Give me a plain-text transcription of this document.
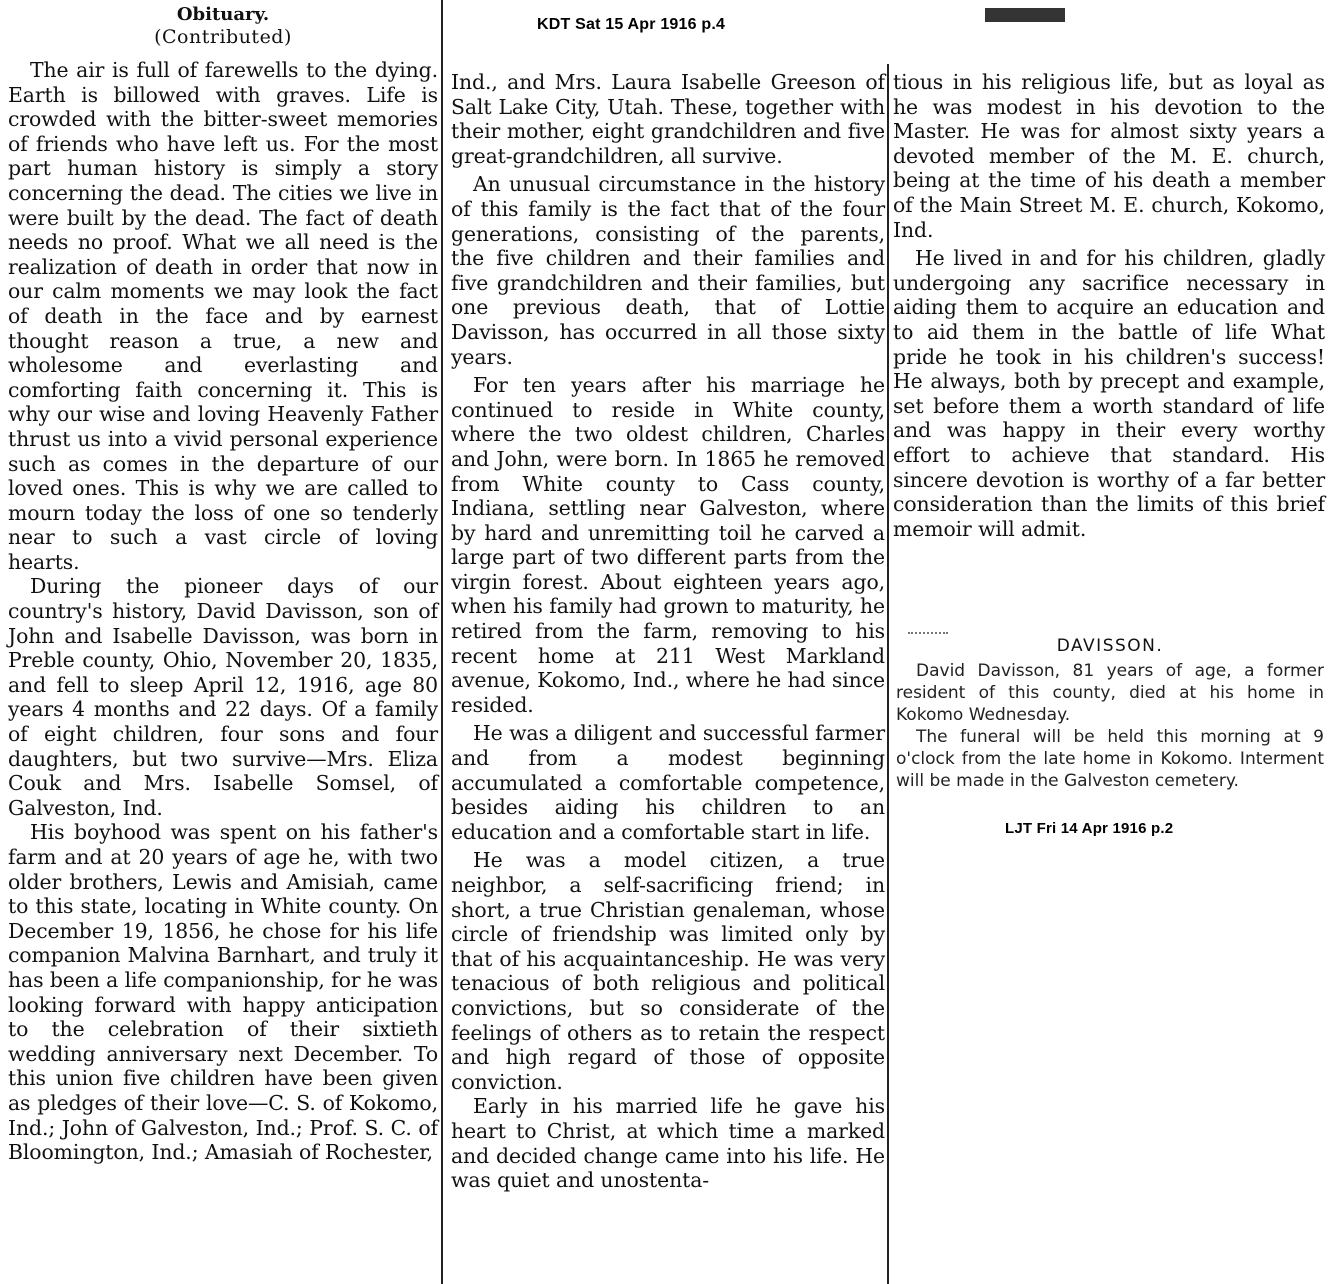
KDT Sat 15 Apr 1916 p.4

Obituary.

(Contributed)

The air is full of farewells to the dying. Earth is billowed with graves. Life is crowded with the bitter-sweet memories of friends who have left us. For the most part human history is simply a story concerning the dead. The cities we live in were built by the dead. The fact of death needs no proof. What we all need is the realization of death in order that now in our calm moments we may look the fact of death in the face and by earnest thought reason a true, a new and wholesome and everlasting and comforting faith concerning it. This is why our wise and loving Heavenly Father thrust us into a vivid personal experience such as comes in the departure of our loved ones. This is why we are called to mourn today the loss of one so tenderly near to such a vast circle of loving hearts.

During the pioneer days of our country's history, David Davisson, son of John and Isabelle Davisson, was born in Preble county, Ohio, November 20, 1835, and fell to sleep April 12, 1916, age 80 years 4 months and 22 days. Of a family of eight children, four sons and four daughters, but two survive—Mrs. Eliza Couk and Mrs. Isabelle Somsel, of Galveston, Ind.

His boyhood was spent on his father's farm and at 20 years of age he, with two older brothers, Lewis and Amisiah, came to this state, locating in White county. On December 19, 1856, he chose for his life companion Malvina Barnhart, and truly it has been a life companionship, for he was looking forward with happy anticipation to the celebration of their sixtieth wedding anniversary next December. To this union five children have been given as pledges of their love—C. S. of Kokomo, Ind.; John of Galveston, Ind.; Prof. S. C. of Bloomington, Ind.; Amasiah of Rochester,

Ind., and Mrs. Laura Isabelle Greeson of Salt Lake City, Utah. These, together with their mother, eight grandchildren and five great-grandchildren, all survive.

An unusual circumstance in the history of this family is the fact that of the four generations, consisting of the parents, the five children and their families and five grandchildren and their families, but one previous death, that of Lottie Davisson, has occurred in all those sixty years.

For ten years after his marriage he continued to reside in White county, where the two oldest children, Charles and John, were born. In 1865 he removed from White county to Cass county, Indiana, settling near Galveston, where by hard and unremitting toil he carved a large part of two different parts from the virgin forest. About eighteen years ago, when his family had grown to maturity, he retired from the farm, removing to his recent home at 211 West Markland avenue, Kokomo, Ind., where he had since resided.

He was a diligent and successful farmer and from a modest beginning accumulated a comfortable competence, besides aiding his children to an education and a comfortable start in life.

He was a model citizen, a true neighbor, a self-sacrificing friend; in short, a true Christian genaleman, whose circle of friendship was limited only by that of his acquaintanceship. He was very tenacious of both religious and political convictions, but so considerate of the feelings of others as to retain the respect and high regard of those of opposite conviction.

Early in his married life he gave his heart to Christ, at which time a marked and decided change came into his life. He was quiet and unostenta-

tious in his religious life, but as loyal as he was modest in his devotion to the Master. He was for almost sixty years a devoted member of the M. E. church, being at the time of his death a member of the Main Street M. E. church, Kokomo, Ind.

He lived in and for his children, gladly undergoing any sacrifice necessary in aiding them to acquire an education and to aid them in the battle of life What pride he took in his children's success! He always, both by precept and example, set before them a worth standard of life and was happy in their every worthy effort to achieve that standard. His sincere devotion is worthy of a far better consideration than the limits of this brief memoir will admit.

DAVISSON.

David Davisson, 81 years of age, a former resident of this county, died at his home in Kokomo Wednesday.

The funeral will be held this morning at 9 o'clock from the late home in Kokomo. Interment will be made in the Galveston cemetery.

LJT Fri 14 Apr 1916 p.2
